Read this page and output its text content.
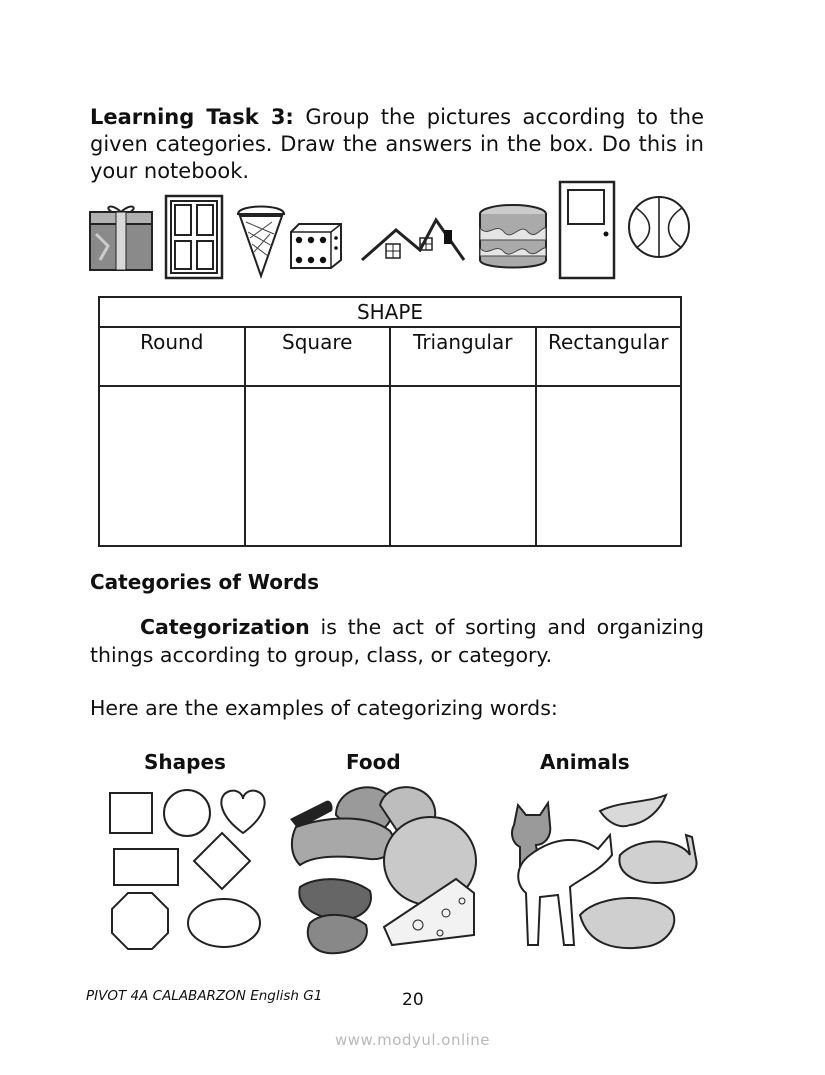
Learning Task 3: Group the pictures according to the given categories. Draw the answers in the box. Do this in your notebook.
SHAPE			
Round	Square	Triangular	Rectangular

Categories of Words
Categorization is the act of sorting and organizing things according to group, class, or category.
Here are the examples of categorizing words:
Shapes	Food	Animals
PIVOT 4A CALABARZON English G1	20
www.modyul.online
